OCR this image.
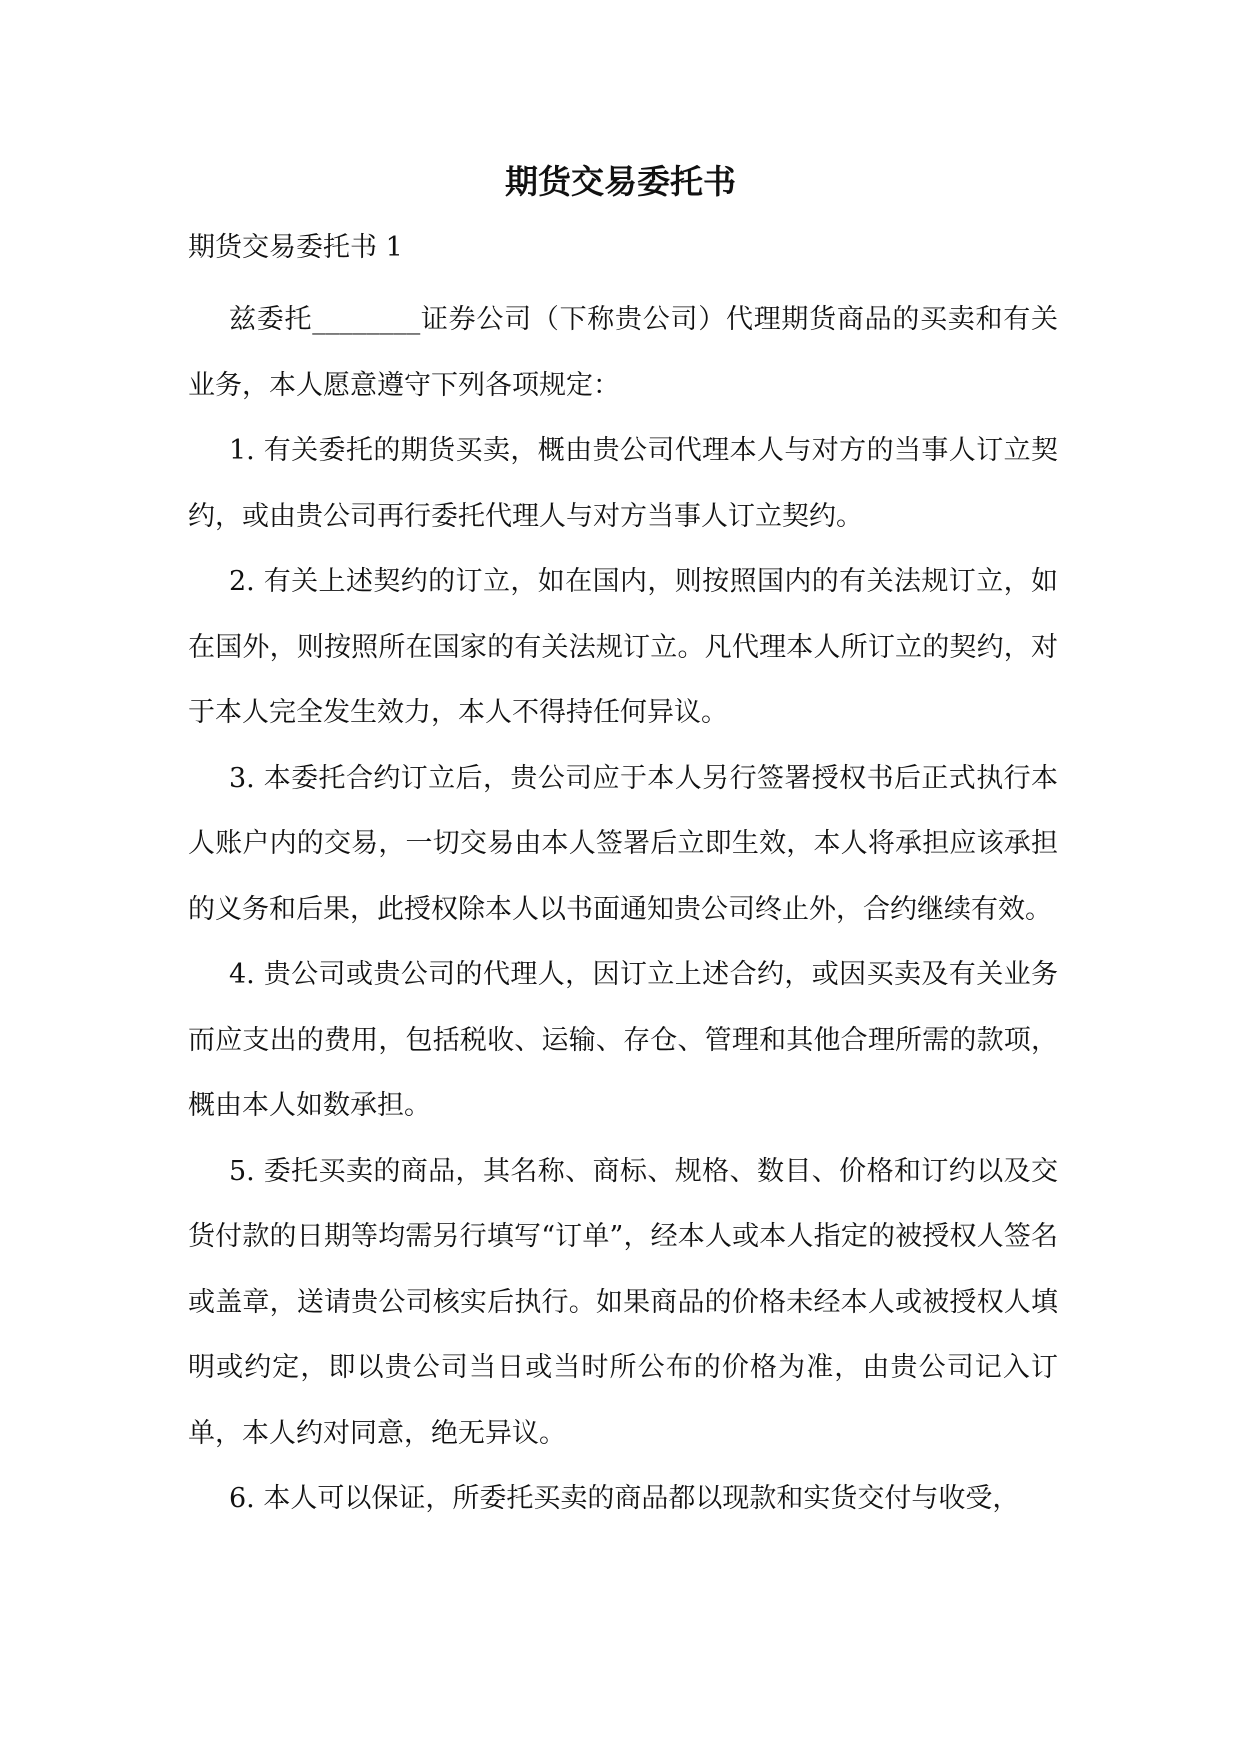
期货交易委托书

期货交易委托书 1

兹委托________证券公司（下称贵公司）代理期货商品的买卖和有关业务，本人愿意遵守下列各项规定：

1. 有关委托的期货买卖，概由贵公司代理本人与对方的当事人订立契约，或由贵公司再行委托代理人与对方当事人订立契约。

2. 有关上述契约的订立，如在国内，则按照国内的有关法规订立，如在国外，则按照所在国家的有关法规订立。凡代理本人所订立的契约，对于本人完全发生效力，本人不得持任何异议。

3. 本委托合约订立后，贵公司应于本人另行签署授权书后正式执行本人账户内的交易，一切交易由本人签署后立即生效，本人将承担应该承担的义务和后果，此授权除本人以书面通知贵公司终止外，合约继续有效。

4. 贵公司或贵公司的代理人，因订立上述合约，或因买卖及有关业务而应支出的费用，包括税收、运输、存仓、管理和其他合理所需的款项，概由本人如数承担。

5. 委托买卖的商品，其名称、商标、规格、数目、价格和订约以及交货付款的日期等均需另行填写“订单”，经本人或本人指定的被授权人签名或盖章，送请贵公司核实后执行。如果商品的价格未经本人或被授权人填明或约定，即以贵公司当日或当时所公布的价格为准，由贵公司记入订单，本人约对同意，绝无异议。

6. 本人可以保证，所委托买卖的商品都以现款和实货交付与收受，
